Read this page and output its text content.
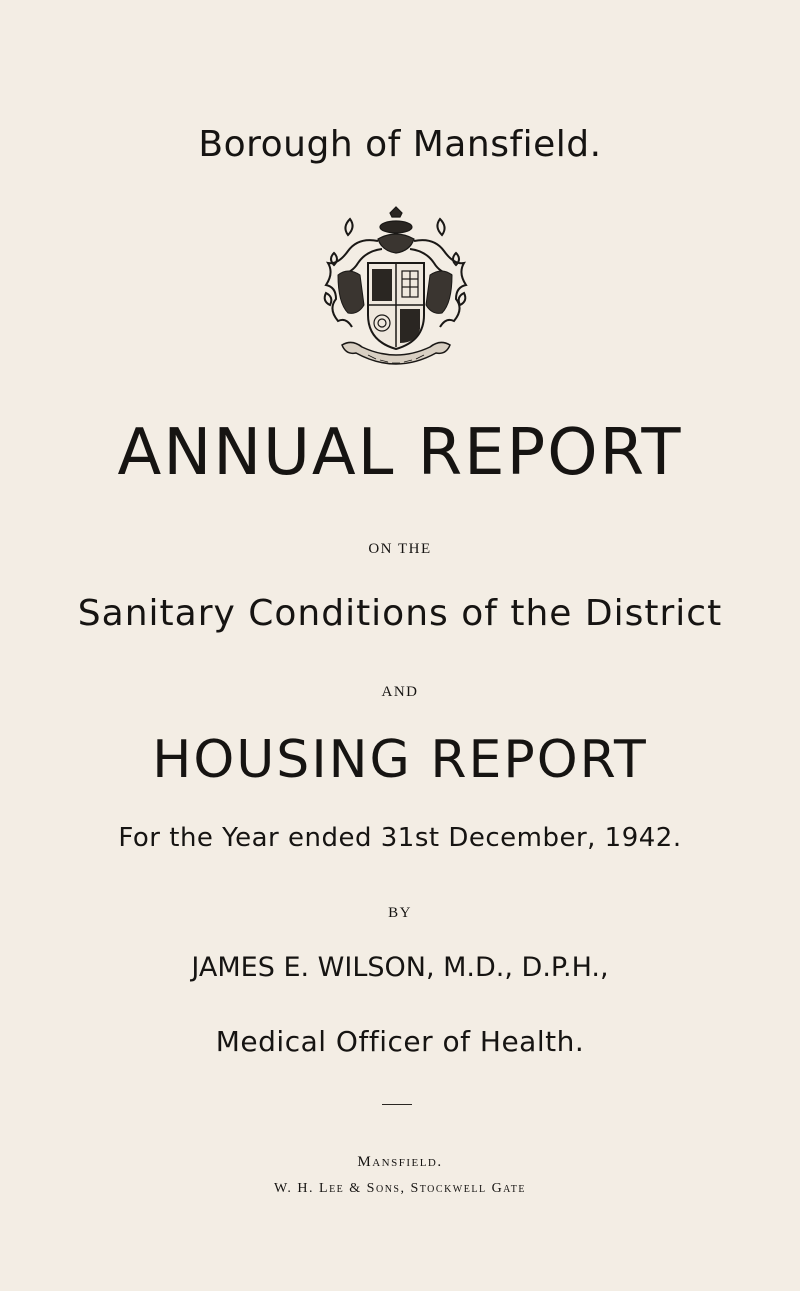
Borough of Mansfield.
ANNUAL REPORT
ON THE
Sanitary Conditions of the District
AND
HOUSING REPORT
For the Year ended 31st December, 1942.
BY
JAMES E. WILSON, M.D., D.P.H.,
Medical Officer of Health.
Mansfield.
W. H. Lee & Sons, Stockwell Gate
